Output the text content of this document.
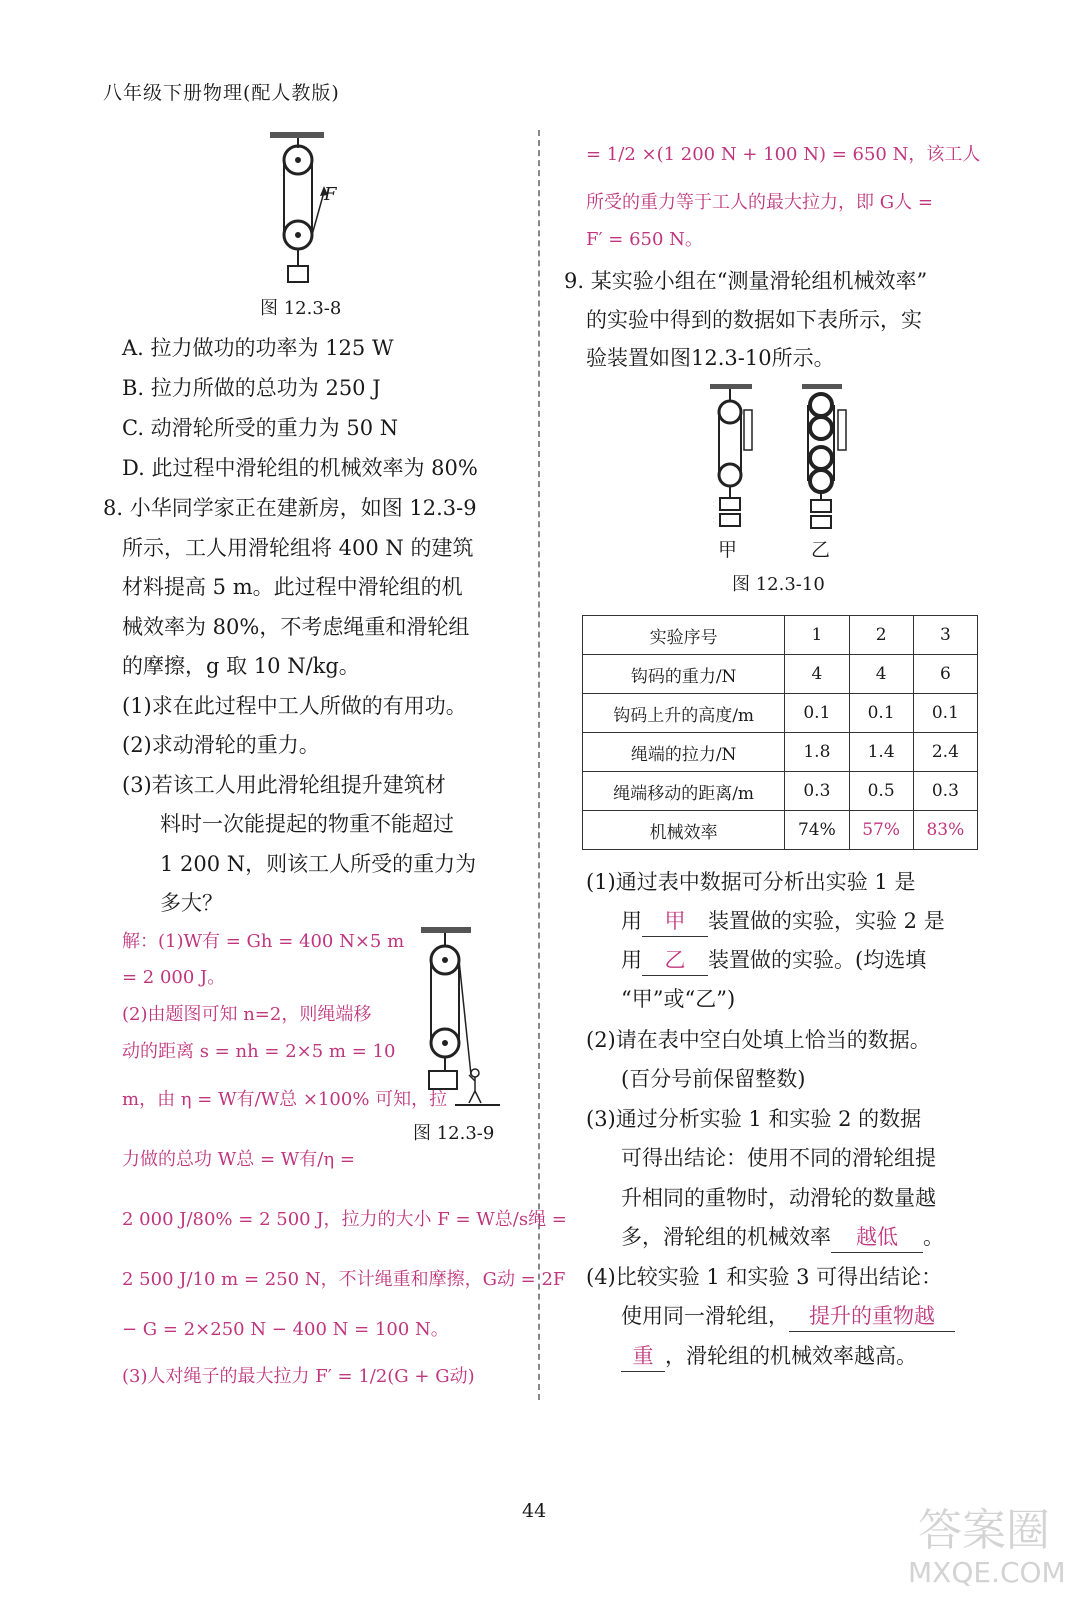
八年级下册物理(配人教版)
F
图 12.3-8
A. 拉力做功的功率为 125 W
B. 拉力所做的总功为 250 J
C. 动滑轮所受的重力为 50 N
D. 此过程中滑轮组的机械效率为 80%
8. 小华同学家正在建新房，如图 12.3-9
所示，工人用滑轮组将 400 N 的建筑
材料提高 5 m。此过程中滑轮组的机
械效率为 80%，不考虑绳重和滑轮组
的摩擦，g 取 10 N/kg。
(1)求在此过程中工人所做的有用功。
(2)求动滑轮的重力。
(3)若该工人用此滑轮组提升建筑材
料时一次能提起的物重不能超过
1 200 N，则该工人所受的重力为
多大？
解：(1)W有 = Gh = 400 N×5 m
= 2 000 J。
(2)由题图可知 n=2，则绳端移
动的距离 s = nh = 2×5 m = 10
m，由 η = W有/W总 ×100% 可知，拉
力做的总功 W总 = W有/η =
2 000 J/80% = 2 500 J，拉力的大小 F = W总/s绳 =
2 500 J/10 m = 250 N，不计绳重和摩擦，G动 = 2F
− G = 2×250 N − 400 N = 100 N。
(3)人对绳子的最大拉力 F′ = 1/2(G + G动)
图 12.3-9
= 1/2 ×(1 200 N + 100 N) = 650 N，该工人
所受的重力等于工人的最大拉力，即 G人 =
F′ = 650 N。
9. 某实验小组在“测量滑轮组机械效率”
的实验中得到的数据如下表所示，实
验装置如图12.3-10所示。
甲	乙
图 12.3-10
实验序号	1	2	3
钩码的重力/N	4	4	6
钩码上升的高度/m	0.1	0.1	0.1
绳端的拉力/N	1.8	1.4	2.4
绳端移动的距离/m	0.3	0.5	0.3
机械效率	74%	57%	83%
(1)通过表中数据可分析出实验 1 是
用 甲 装置做的实验，实验 2 是
用 乙 装置做的实验。(均选填
“甲”或“乙”)
(2)请在表中空白处填上恰当的数据。
(百分号前保留整数)
(3)通过分析实验 1 和实验 2 的数据
可得出结论：使用不同的滑轮组提
升相同的重物时，动滑轮的数量越
多，滑轮组的机械效率 越低 。
(4)比较实验 1 和实验 3 可得出结论：
使用同一滑轮组， 提升的重物越
重 ，滑轮组的机械效率越高。
44	答案圈
MXQE.COM
